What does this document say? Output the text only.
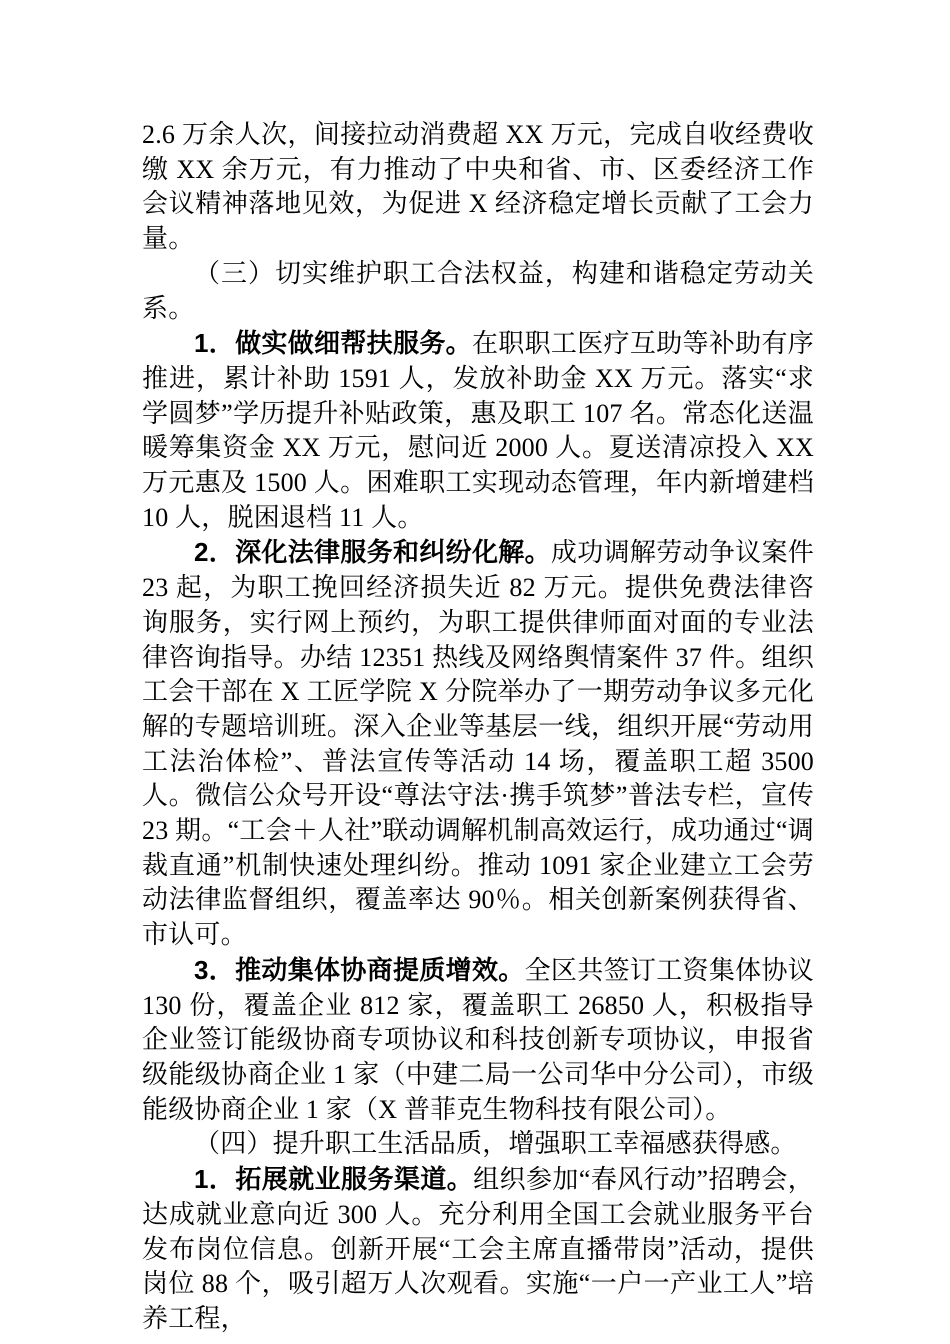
2.6 万余人次，间接拉动消费超 XX 万元，完成自收经费收缴 XX 余万元，有力推动了中央和省、市、区委经济工作会议精神落地见效，为促进 X 经济稳定增长贡献了工会力量。

（三）切实维护职工合法权益，构建和谐稳定劳动关系。

1．做实做细帮扶服务。在职职工医疗互助等补助有序推进，累计补助 1591 人，发放补助金 XX 万元。落实“求学圆梦”学历提升补贴政策，惠及职工 107 名。常态化送温暖筹集资金 XX 万元，慰问近 2000 人。夏送清凉投入 XX 万元惠及 1500 人。困难职工实现动态管理，年内新增建档 10 人，脱困退档 11 人。

2．深化法律服务和纠纷化解。成功调解劳动争议案件 23 起，为职工挽回经济损失近 82 万元。提供免费法律咨询服务，实行网上预约，为职工提供律师面对面的专业法律咨询指导。办结 12351 热线及网络舆情案件 37 件。组织工会干部在 X 工匠学院 X 分院举办了一期劳动争议多元化解的专题培训班。深入企业等基层一线，组织开展“劳动用工法治体检”、普法宣传等活动 14 场，覆盖职工超 3500 人。微信公众号开设“尊法守法·携手筑梦”普法专栏，宣传 23 期。“工会＋人社”联动调解机制高效运行，成功通过“调裁直通”机制快速处理纠纷。推动 1091 家企业建立工会劳动法律监督组织，覆盖率达 90％。相关创新案例获得省、市认可。

3．推动集体协商提质增效。全区共签订工资集体协议 130 份，覆盖企业 812 家，覆盖职工 26850 人，积极指导企业签订能级协商专项协议和科技创新专项协议，申报省级能级协商企业 1 家（中建二局一公司华中分公司），市级能级协商企业 1 家（X 普菲克生物科技有限公司）。

（四）提升职工生活品质，增强职工幸福感获得感。

1．拓展就业服务渠道。组织参加“春风行动”招聘会，达成就业意向近 300 人。充分利用全国工会就业服务平台发布岗位信息。创新开展“工会主席直播带岗”活动，提供岗位 88 个，吸引超万人次观看。实施“一户一产业工人”培养工程，
